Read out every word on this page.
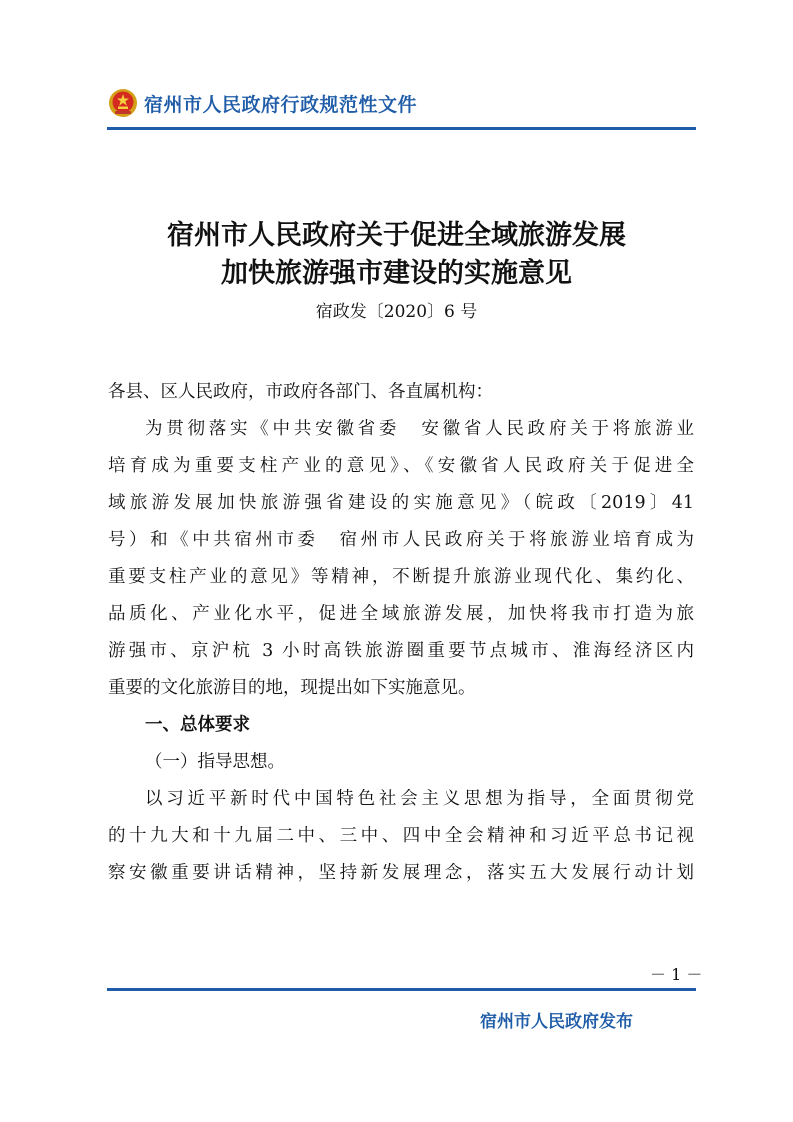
宿州市人民政府行政规范性文件
宿州市人民政府关于促进全域旅游发展
加快旅游强市建设的实施意见
宿政发〔2020〕6 号
各县、区人民政府，市政府各部门、各直属机构：
为贯彻落实《中共安徽省委　安徽省人民政府关于将旅游业
培育成为重要支柱产业的意见》、《安徽省人民政府关于促进全
域旅游发展加快旅游强省建设的实施意见》（皖政〔2019〕41
号）和《中共宿州市委　宿州市人民政府关于将旅游业培育成为
重要支柱产业的意见》等精神，不断提升旅游业现代化、集约化、
品质化、产业化水平，促进全域旅游发展，加快将我市打造为旅
游强市、京沪杭 3 小时高铁旅游圈重要节点城市、淮海经济区内
重要的文化旅游目的地，现提出如下实施意见。
一、总体要求
（一）指导思想。
以习近平新时代中国特色社会主义思想为指导，全面贯彻党
的十九大和十九届二中、三中、四中全会精神和习近平总书记视
察安徽重要讲话精神，坚持新发展理念，落实五大发展行动计划
－ 1 －
宿州市人民政府发布
